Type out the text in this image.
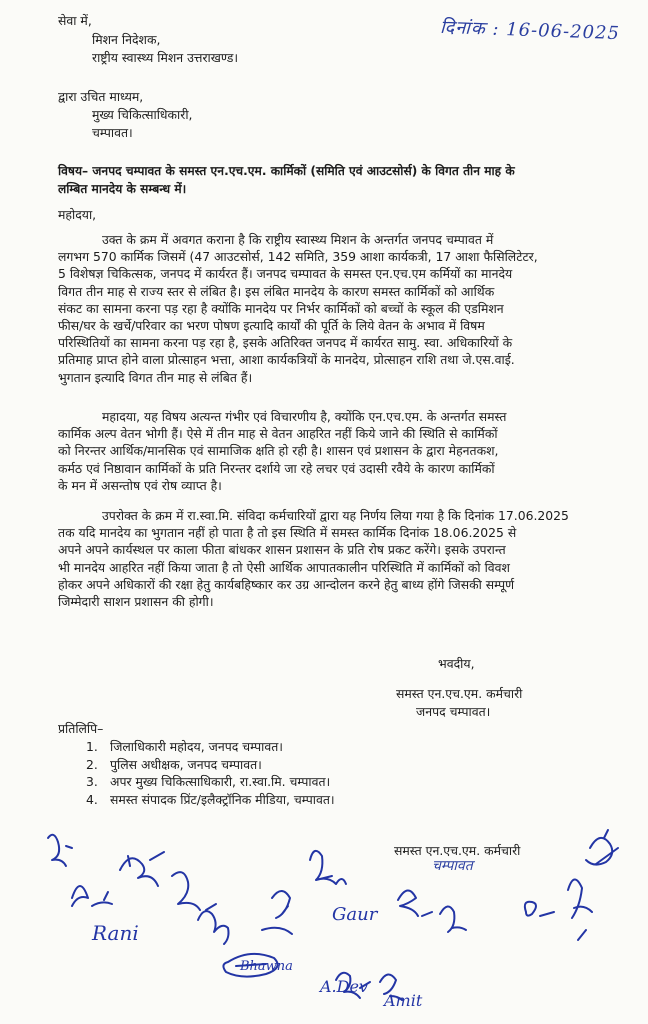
सेवा में,
मिशन निदेशक,
राष्ट्रीय स्वास्थ्य मिशन उत्तराखण्ड।
दिनांक : 16-06-2025
द्वारा उचित माध्यम,
मुख्य चिकित्साधिकारी,
चम्पावत।
विषय– जनपद चम्पावत के समस्त एन.एच.एम. कार्मिकों (समिति एवं आउटसोर्स) के विगत तीन माह के
लम्बित मानदेय के सम्बन्ध में।
महोदया,
उक्त के क्रम में अवगत कराना है कि राष्ट्रीय स्वास्थ्य मिशन के अन्तर्गत जनपद चम्पावत में
लगभग 570 कार्मिक जिसमें (47 आउटसोर्स, 142 समिति, 359 आशा कार्यकत्री, 17 आशा फैसिलिटेटर,
5 विशेषज्ञ चिकित्सक, जनपद में कार्यरत हैं। जनपद चम्पावत के समस्त एन.एच.एम कर्मियों का मानदेय
विगत तीन माह से राज्य स्तर से लंबित है। इस लंबित मानदेय के कारण समस्त कार्मिकों को आर्थिक
संकट का सामना करना पड़ रहा है क्योंकि मानदेय पर निर्भर कार्मिकों को बच्चों के स्कूल की एडमिशन
फीस/घर के खर्चे/परिवार का भरण पोषण इत्यादि कार्यों की पूर्ति के लिये वेतन के अभाव में विषम
परिस्थितियों का सामना करना पड़ रहा है, इसके अतिरिक्त जनपद में कार्यरत सामु. स्वा. अधिकारियों के
प्रतिमाह प्राप्त होने वाला प्रोत्साहन भत्ता, आशा कार्यकत्रियों के मानदेय, प्रोत्साहन राशि तथा जे.एस.वाई.
भुगतान इत्यादि विगत तीन माह से लंबित हैं।
महादया, यह विषय अत्यन्त गंभीर एवं विचारणीय है, क्योंकि एन.एच.एम. के अन्तर्गत समस्त
कार्मिक अल्प वेतन भोगी हैं। ऐसे में तीन माह से वेतन आहरित नहीं किये जाने की स्थिति से कार्मिकों
को निरन्तर आर्थिक/मानसिक एवं सामाजिक क्षति हो रही है। शासन एवं प्रशासन के द्वारा मेहनतकश,
कर्मठ एवं निष्ठावान कार्मिकों के प्रति निरन्तर दर्शाये जा रहे लचर एवं उदासी रवैये के कारण कार्मिकों
के मन में असन्तोष एवं रोष व्याप्त है।
उपरोक्त के क्रम में रा.स्वा.मि. संविदा कर्मचारियों द्वारा यह निर्णय लिया गया है कि दिनांक 17.06.2025
तक यदि मानदेय का भुगतान नहीं हो पाता है तो इस स्थिति में समस्त कार्मिक दिनांक 18.06.2025 से
अपने अपने कार्यस्थल पर काला फीता बांधकर शासन प्रशासन के प्रति रोष प्रकट करेंगे। इसके उपरान्त
भी मानदेय आहरित नहीं किया जाता है तो ऐसी आर्थिक आपातकालीन परिस्थिति में कार्मिकों को विवश
होकर अपने अधिकारों की रक्षा हेतु कार्यबहिष्कार कर उग्र आन्दोलन करने हेतु बाध्य होंगे जिसकी सम्पूर्ण
जिम्मेदारी साशन प्रशासन की होगी।
भवदीय,
समस्त एन.एच.एम. कर्मचारी
जनपद चम्पावत।
प्रतिलिपि–
1. जिलाधिकारी महोदय, जनपद चम्पावत।
2. पुलिस अधीक्षक, जनपद चम्पावत।
3. अपर मुख्य चिकित्साधिकारी, रा.स्वा.मि. चम्पावत।
4. समस्त संपादक प्रिंट/इलैक्ट्रॉनिक मीडिया, चम्पावत।
समस्त एन.एच.एम. कर्मचारी
चम्पावत
Rani
Gaur
Bhawna
A.Dev
Amit
